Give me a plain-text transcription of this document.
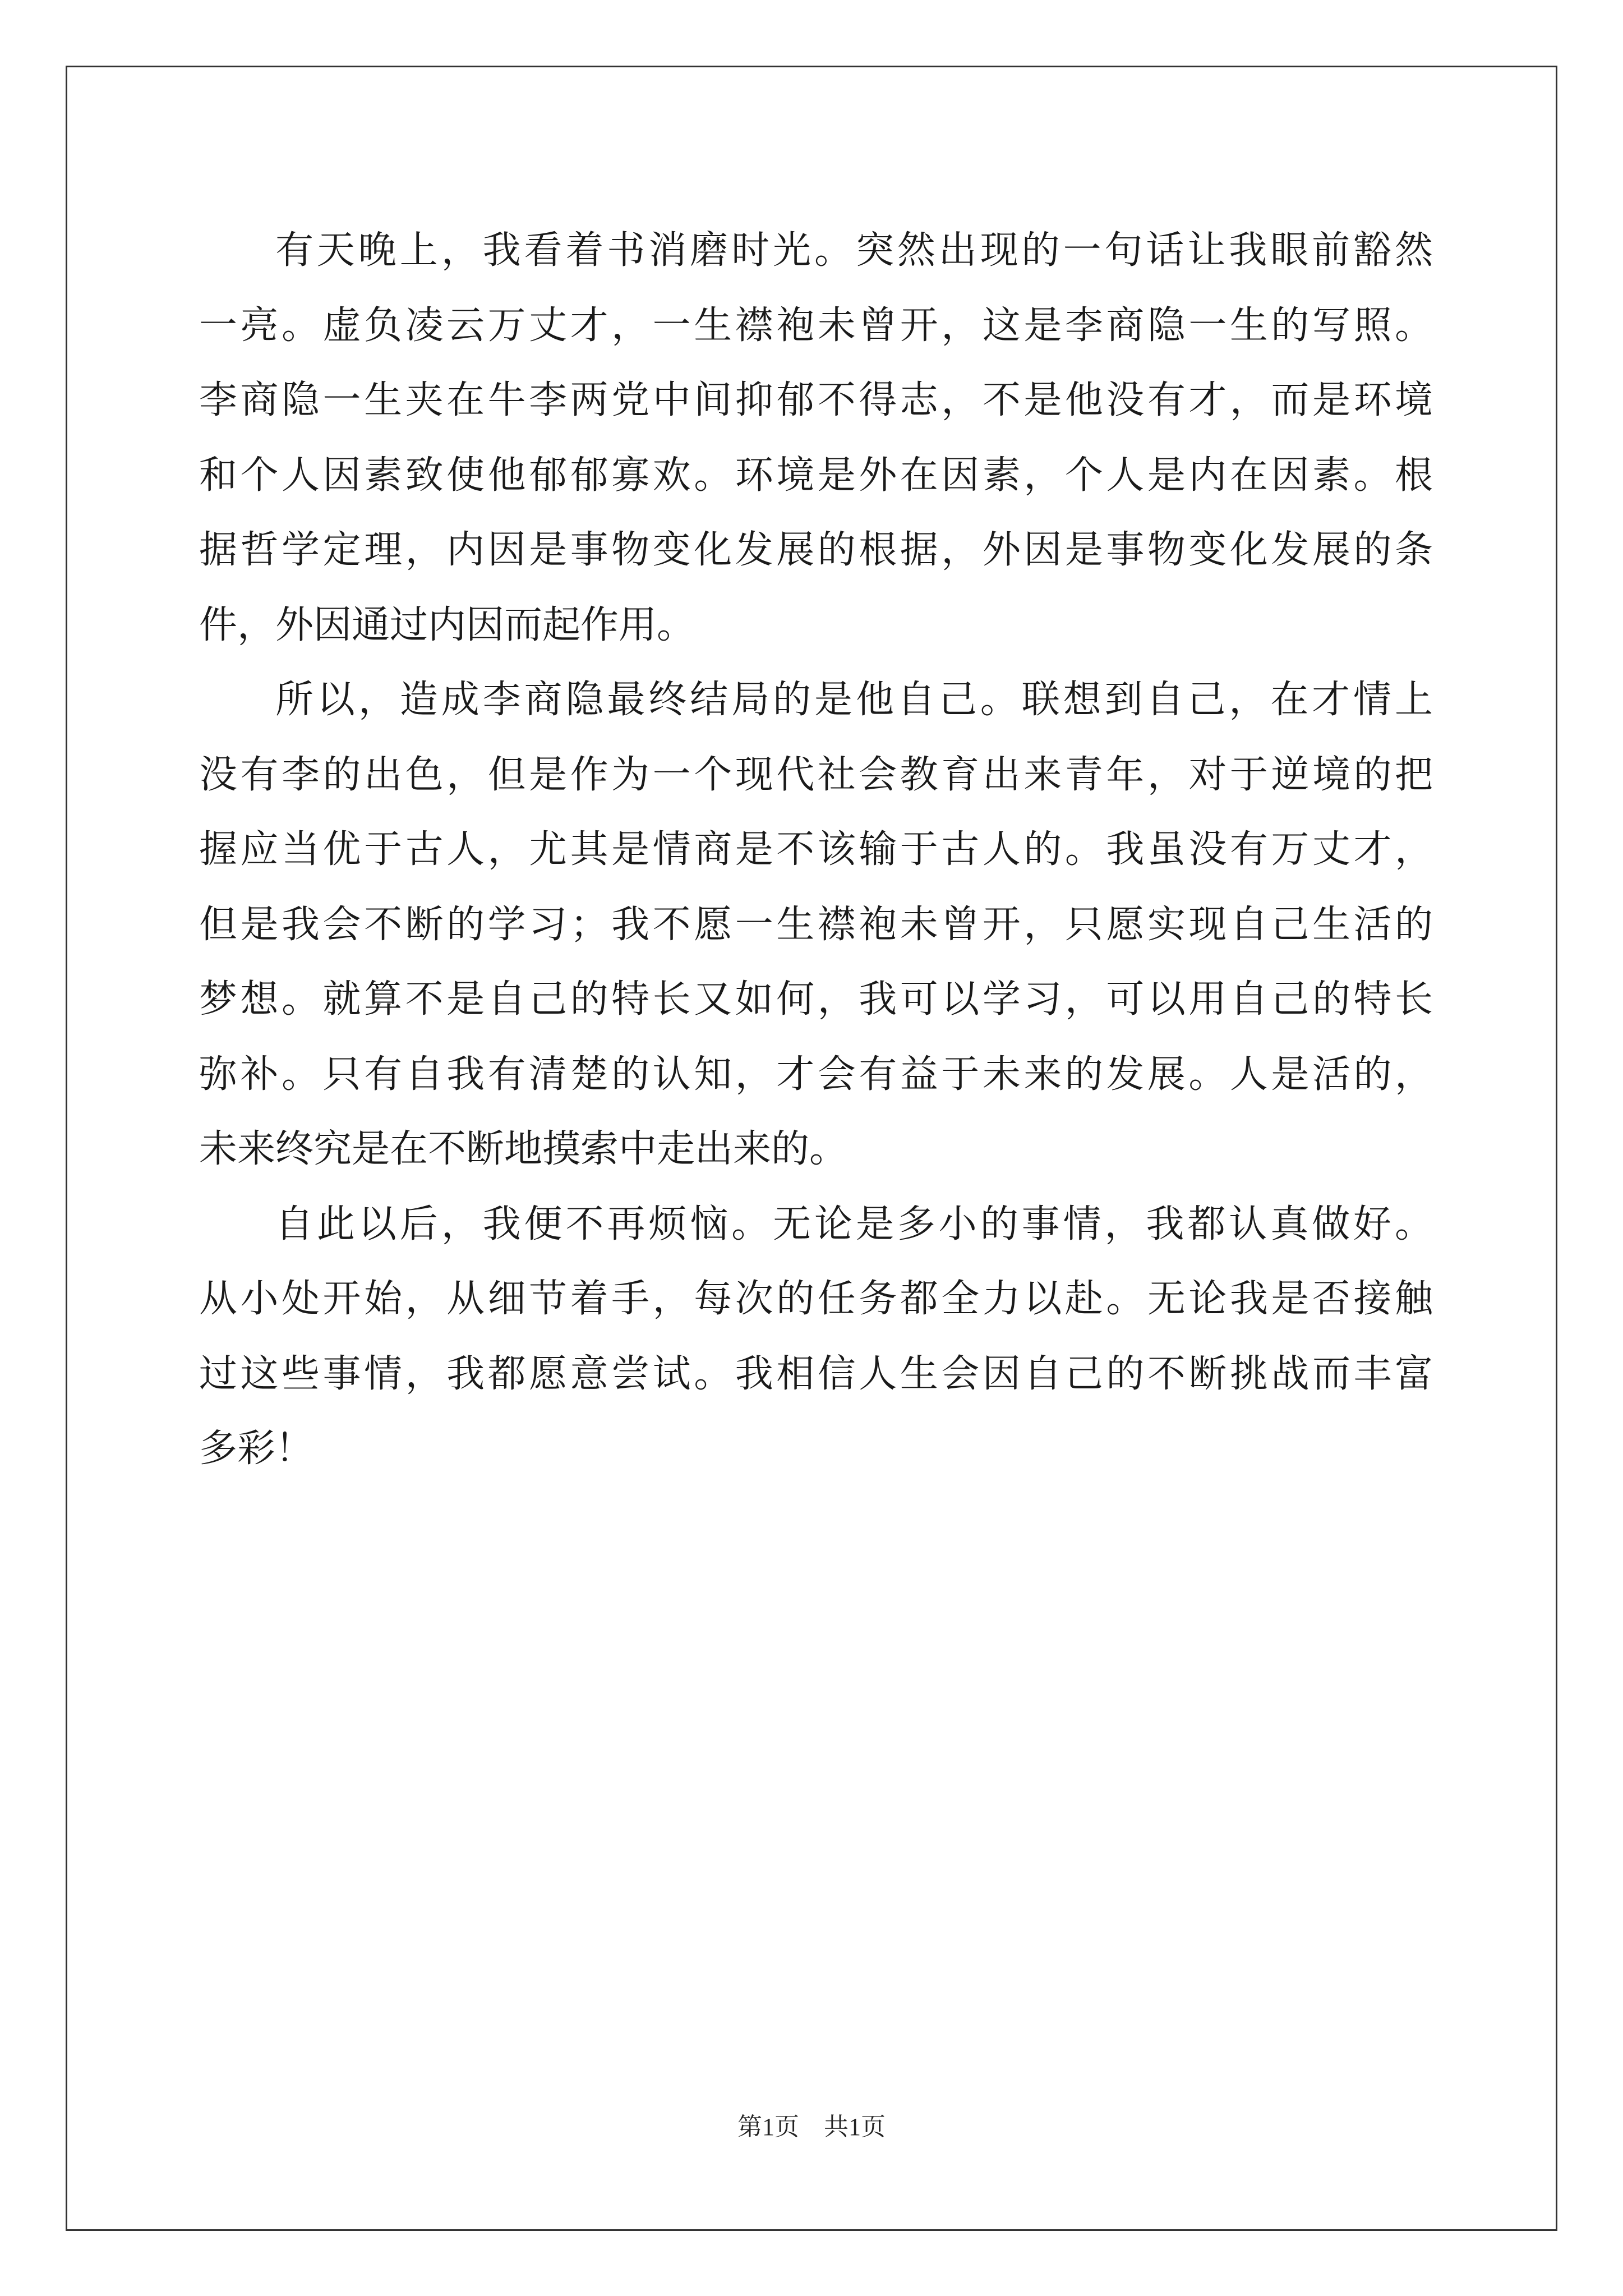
有天晚上，我看着书消磨时光。突然出现的一句话让我眼前豁然
一亮。虚负凌云万丈才，一生襟袍未曾开，这是李商隐一生的写照。
李商隐一生夹在牛李两党中间抑郁不得志，不是他没有才，而是环境
和个人因素致使他郁郁寡欢。环境是外在因素，个人是内在因素。根
据哲学定理，内因是事物变化发展的根据，外因是事物变化发展的条
件，外因通过内因而起作用。

所以，造成李商隐最终结局的是他自己。联想到自己，在才情上
没有李的出色，但是作为一个现代社会教育出来青年，对于逆境的把
握应当优于古人，尤其是情商是不该输于古人的。我虽没有万丈才，
但是我会不断的学习；我不愿一生襟袍未曾开，只愿实现自己生活的
梦想。就算不是自己的特长又如何，我可以学习，可以用自己的特长
弥补。只有自我有清楚的认知，才会有益于未来的发展。人是活的，
未来终究是在不断地摸索中走出来的。

自此以后，我便不再烦恼。无论是多小的事情，我都认真做好。
从小处开始，从细节着手，每次的任务都全力以赴。无论我是否接触
过这些事情，我都愿意尝试。我相信人生会因自己的不断挑战而丰富
多彩！

第1页　共1页
